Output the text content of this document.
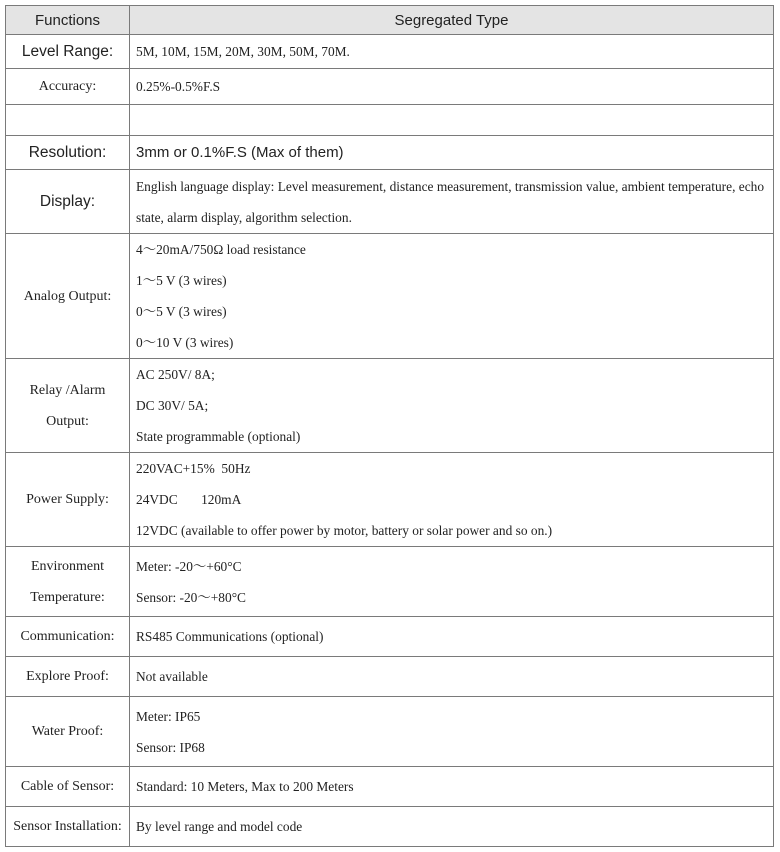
Functions	Segregated Type
Level Range:	5M, 10M, 15M, 20M, 30M, 50M, 70M.

Accuracy:	0.25%-0.5%F.S

Resolution:	3mm or 0.1%F.S (Max of them)

Display:	English language display: Level measurement, distance measurement, transmission value, ambient temperature, echo state, alarm display, algorithm selection.

Analog Output:	4～20mA/750Ω load resistance
1～5 V (3 wires)
0～5 V (3 wires)
0～10 V (3 wires)

Relay /Alarm
Output:	AC 250V/ 8A;
DC 30V/ 5A;
State programmable (optional)

Power Supply:	220VAC+15%  50Hz
24VDC       120mA
12VDC (available to offer power by motor, battery or solar power and so on.)

Environment
Temperature:	Meter: -20～+60°C
Sensor: -20～+80°C

Communication:	RS485 Communications (optional)

Explore Proof:	Not available

Water Proof:	Meter: IP65
Sensor: IP68

Cable of Sensor:	Standard: 10 Meters, Max to 200 Meters

Sensor Installation:	By level range and model code
